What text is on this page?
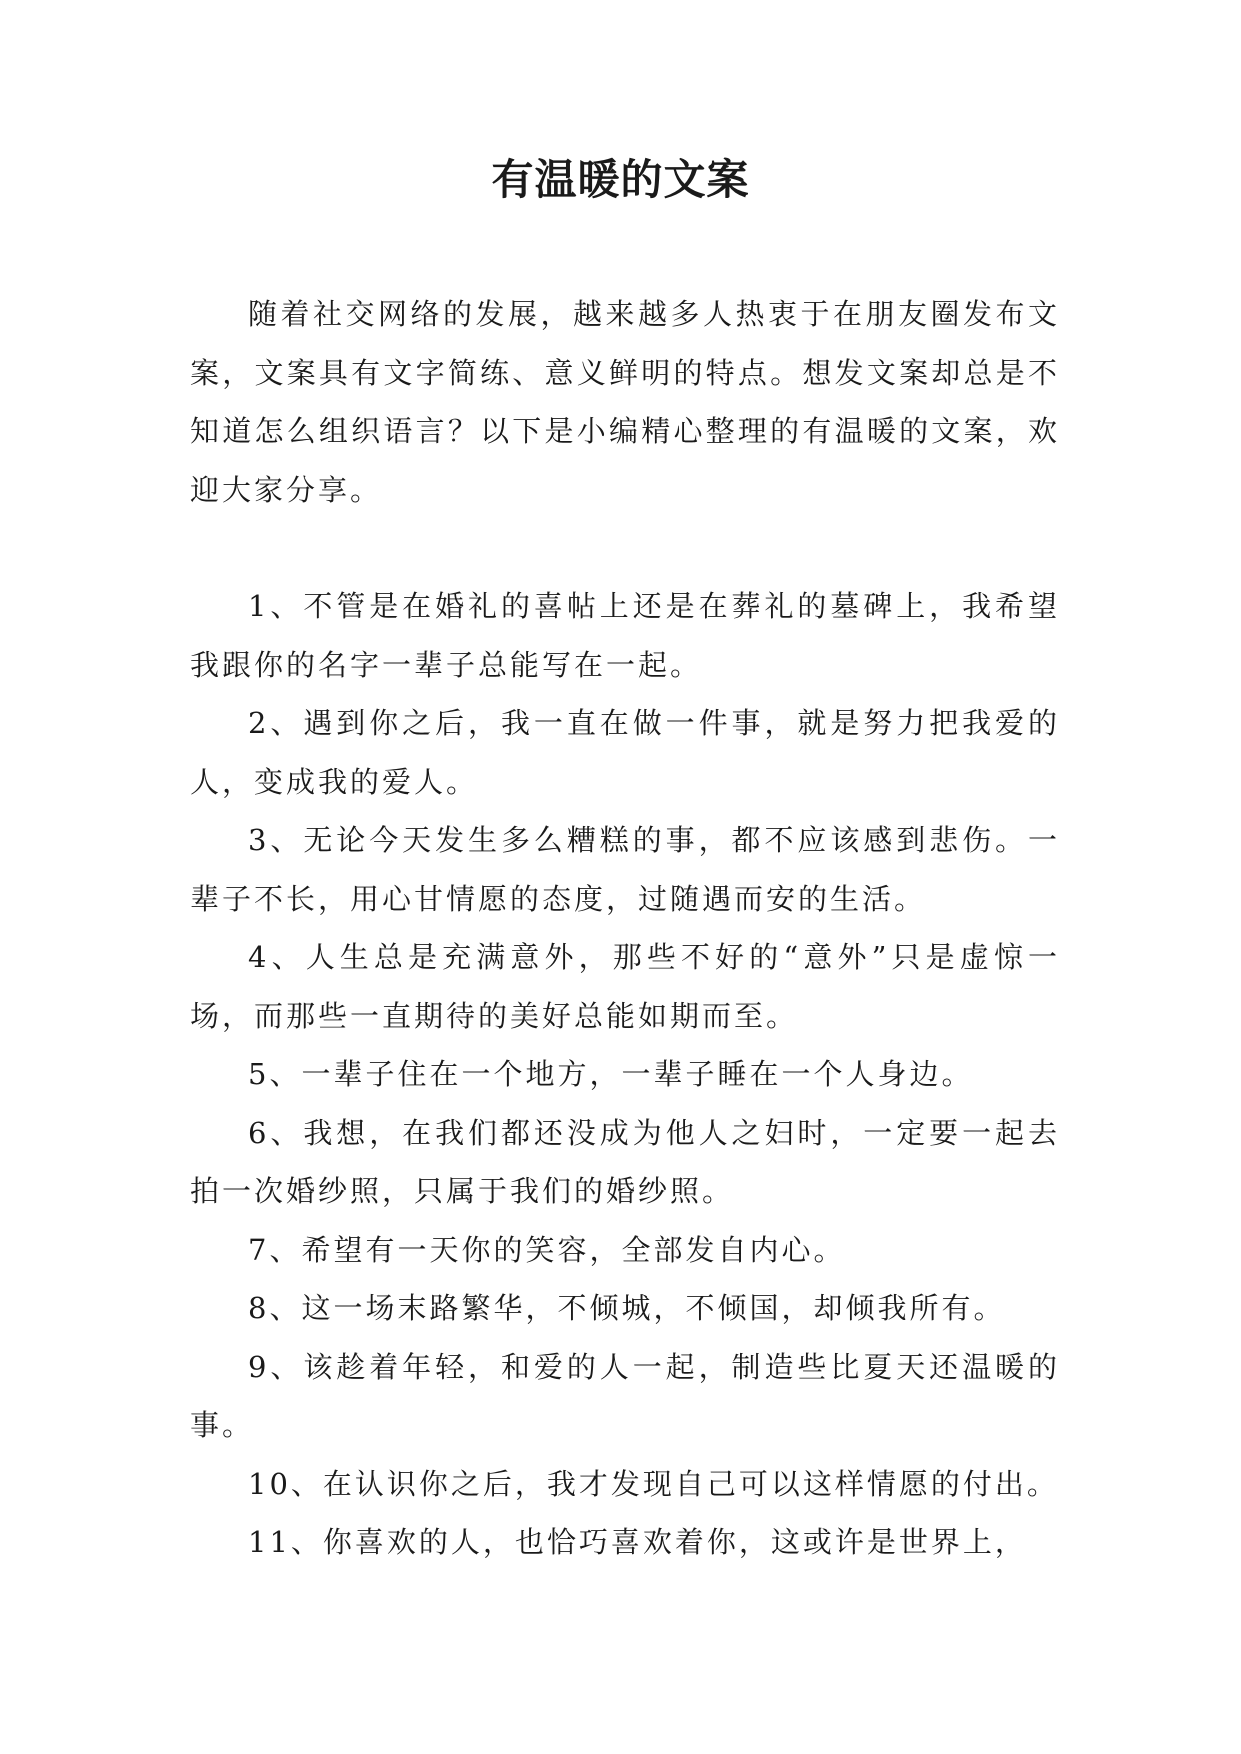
有温暖的文案

随着社交网络的发展，越来越多人热衷于在朋友圈发布文案，文案具有文字简练、意义鲜明的特点。想发文案却总是不知道怎么组织语言？以下是小编精心整理的有温暖的文案，欢迎大家分享。

1、不管是在婚礼的喜帖上还是在葬礼的墓碑上，我希望我跟你的名字一辈子总能写在一起。

2、遇到你之后，我一直在做一件事，就是努力把我爱的人，变成我的爱人。

3、无论今天发生多么糟糕的事，都不应该感到悲伤。一辈子不长，用心甘情愿的态度，过随遇而安的生活。

4、人生总是充满意外，那些不好的“意外”只是虚惊一场，而那些一直期待的美好总能如期而至。

5、一辈子住在一个地方，一辈子睡在一个人身边。

6、我想，在我们都还没成为他人之妇时，一定要一起去拍一次婚纱照，只属于我们的婚纱照。

7、希望有一天你的笑容，全部发自内心。

8、这一场末路繁华，不倾城，不倾国，却倾我所有。

9、该趁着年轻，和爱的人一起，制造些比夏天还温暖的事。

10、在认识你之后，我才发现自己可以这样情愿的付出。

11、你喜欢的人，也恰巧喜欢着你，这或许是世界上，
